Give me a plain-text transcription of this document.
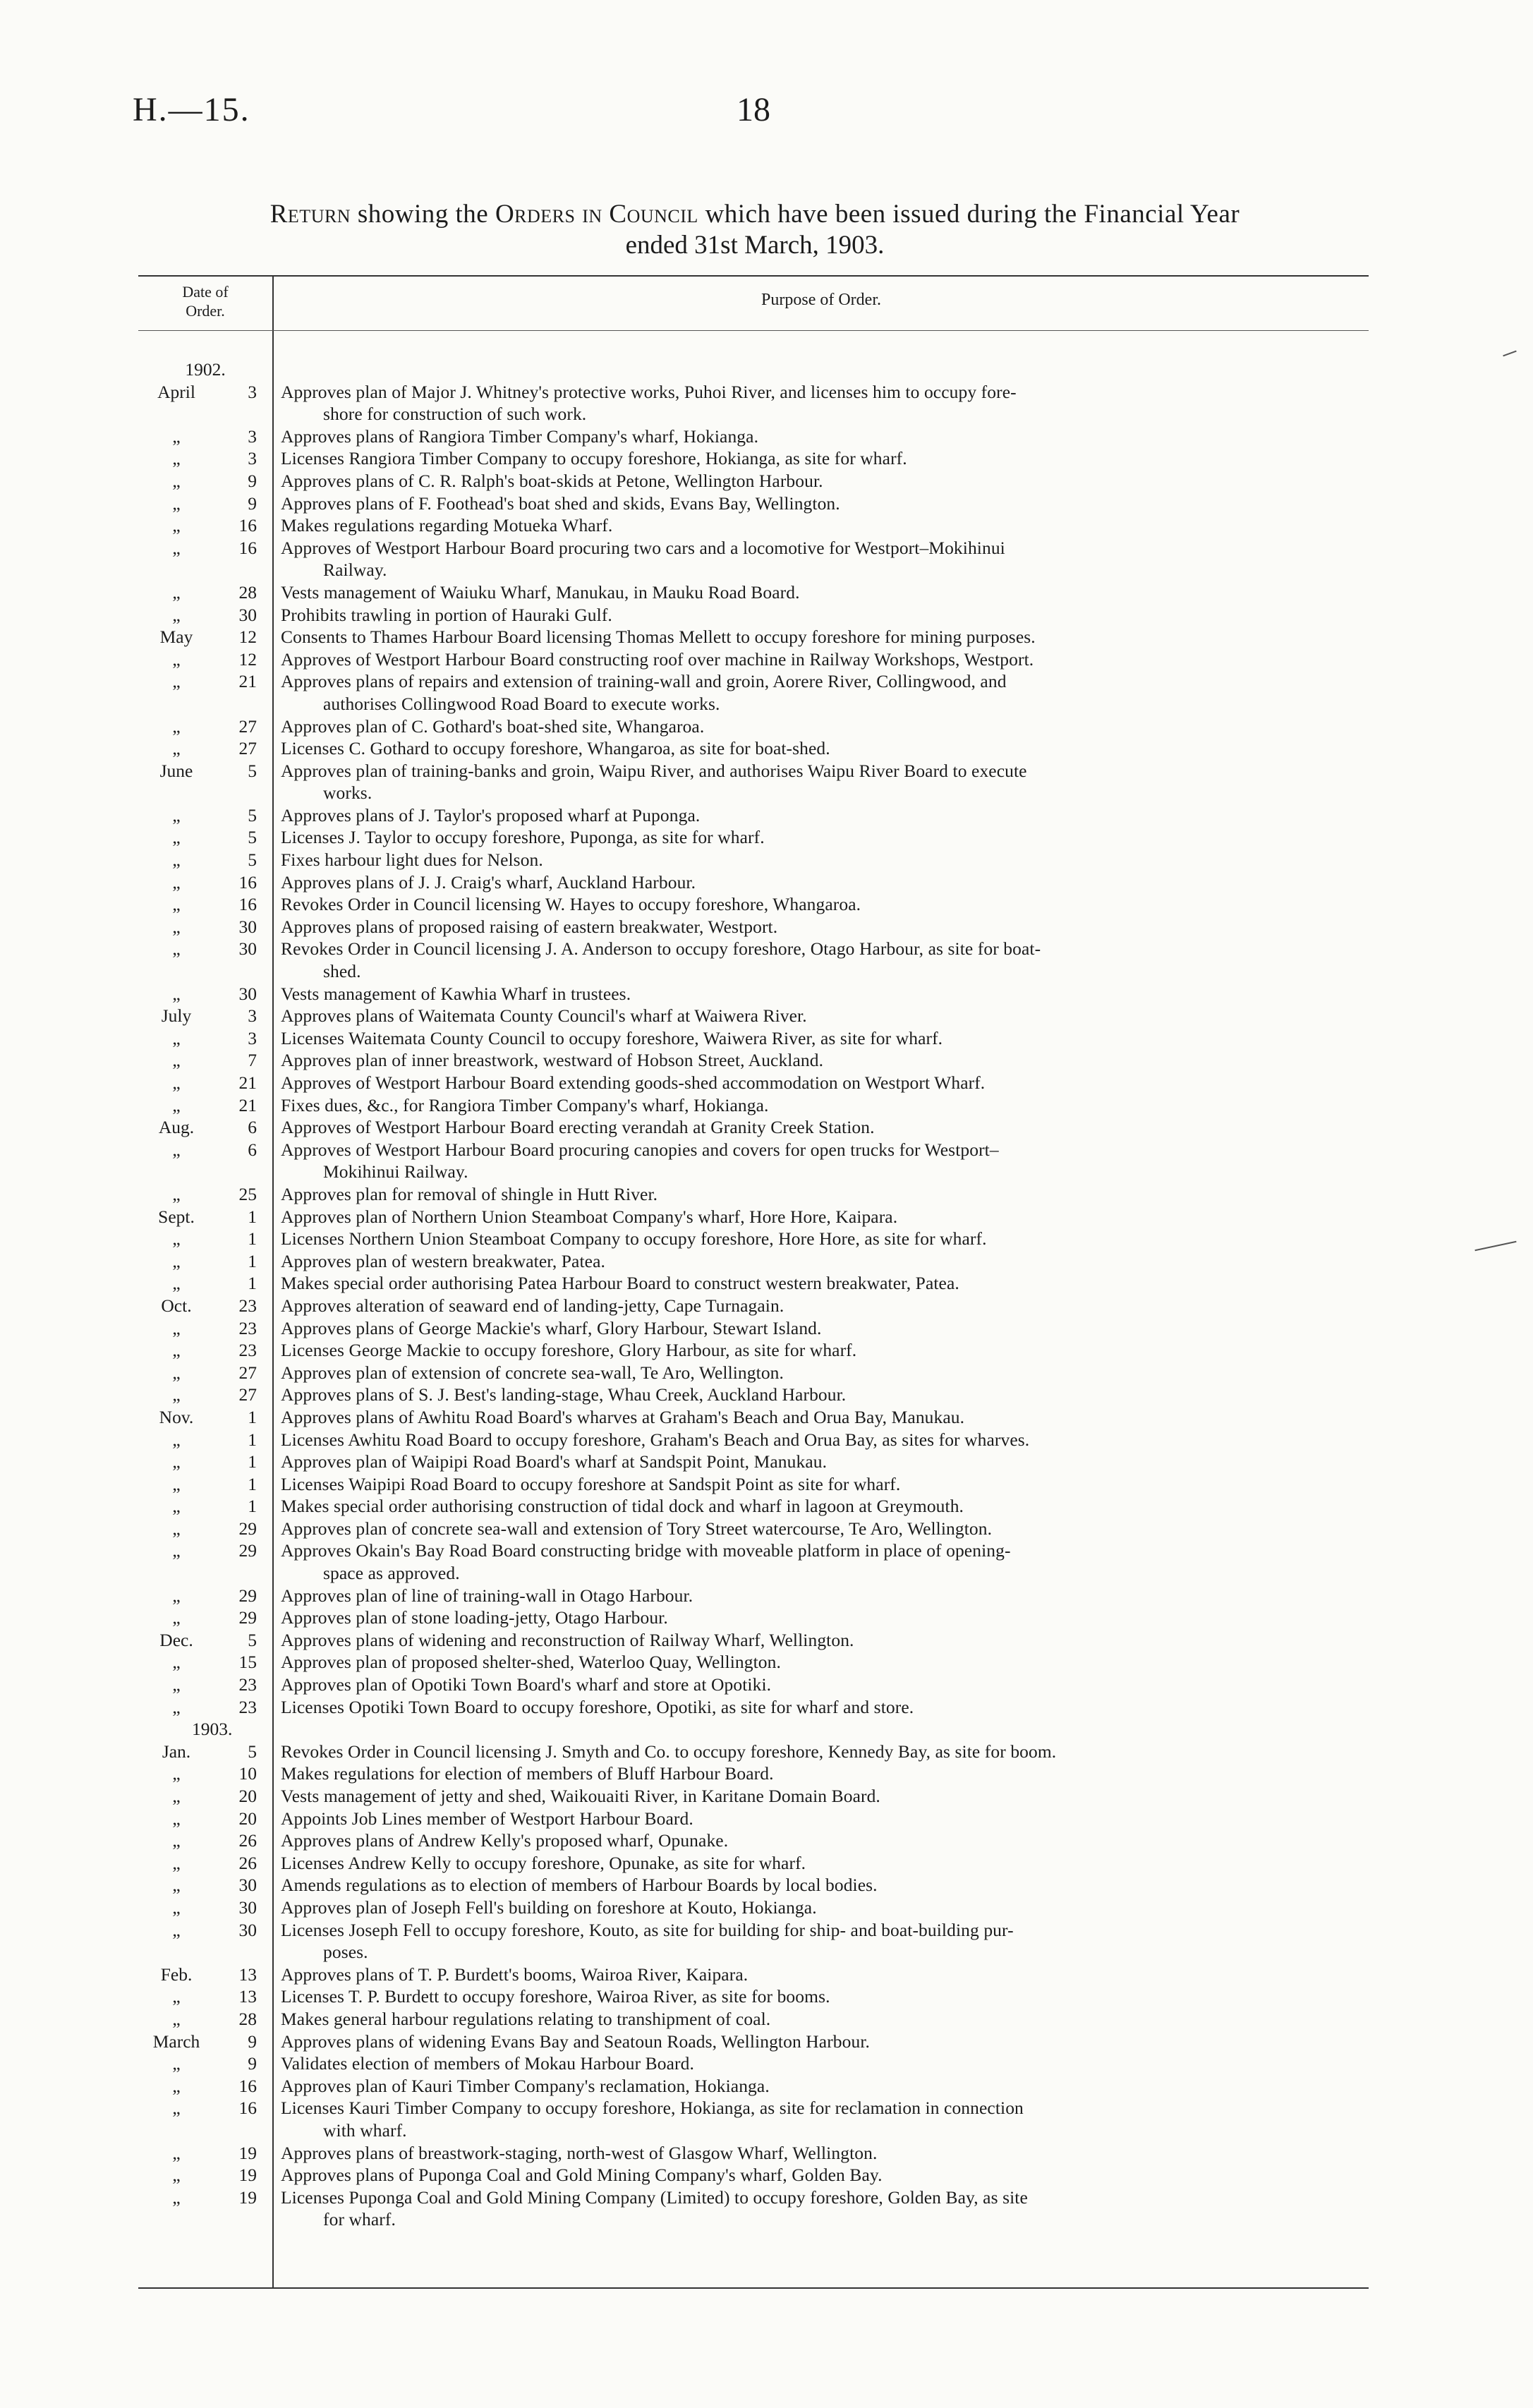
H.—15.	18
Return showing the Orders in Council which have been issued during the Financial Year
ended 31st March, 1903.
Date of
Order.
Purpose of Order.
1902.
April	3	Approves plan of Major J. Whitney's protective works, Puhoi River, and licenses him to occupy fore-
shore for construction of such work.
„	3	Approves plans of Rangiora Timber Company's wharf, Hokianga.
„	3	Licenses Rangiora Timber Company to occupy foreshore, Hokianga, as site for wharf.
„	9	Approves plans of C. R. Ralph's boat-skids at Petone, Wellington Harbour.
„	9	Approves plans of F. Foothead's boat shed and skids, Evans Bay, Wellington.
„	16	Makes regulations regarding Motueka Wharf.
„	16	Approves of Westport Harbour Board procuring two cars and a locomotive for Westport–Mokihinui
Railway.
„	28	Vests management of Waiuku Wharf, Manukau, in Mauku Road Board.
„	30	Prohibits trawling in portion of Hauraki Gulf.
May	12	Consents to Thames Harbour Board licensing Thomas Mellett to occupy foreshore for mining purposes.
„	12	Approves of Westport Harbour Board constructing roof over machine in Railway Workshops, Westport.
„	21	Approves plans of repairs and extension of training-wall and groin, Aorere River, Collingwood, and
authorises Collingwood Road Board to execute works.
„	27	Approves plan of C. Gothard's boat-shed site, Whangaroa.
„	27	Licenses C. Gothard to occupy foreshore, Whangaroa, as site for boat-shed.
June	5	Approves plan of training-banks and groin, Waipu River, and authorises Waipu River Board to execute
works.
„	5	Approves plans of J. Taylor's proposed wharf at Puponga.
„	5	Licenses J. Taylor to occupy foreshore, Puponga, as site for wharf.
„	5	Fixes harbour light dues for Nelson.
„	16	Approves plans of J. J. Craig's wharf, Auckland Harbour.
„	16	Revokes Order in Council licensing W. Hayes to occupy foreshore, Whangaroa.
„	30	Approves plans of proposed raising of eastern breakwater, Westport.
„	30	Revokes Order in Council licensing J. A. Anderson to occupy foreshore, Otago Harbour, as site for boat-
shed.
„	30	Vests management of Kawhia Wharf in trustees.
July	3	Approves plans of Waitemata County Council's wharf at Waiwera River.
„	3	Licenses Waitemata County Council to occupy foreshore, Waiwera River, as site for wharf.
„	7	Approves plan of inner breastwork, westward of Hobson Street, Auckland.
„	21	Approves of Westport Harbour Board extending goods-shed accommodation on Westport Wharf.
„	21	Fixes dues, &c., for Rangiora Timber Company's wharf, Hokianga.
Aug.	6	Approves of Westport Harbour Board erecting verandah at Granity Creek Station.
„	6	Approves of Westport Harbour Board procuring canopies and covers for open trucks for Westport–
Mokihinui Railway.
„	25	Approves plan for removal of shingle in Hutt River.
Sept.	1	Approves plan of Northern Union Steamboat Company's wharf, Hore Hore, Kaipara.
„	1	Licenses Northern Union Steamboat Company to occupy foreshore, Hore Hore, as site for wharf.
„	1	Approves plan of western breakwater, Patea.
„	1	Makes special order authorising Patea Harbour Board to construct western breakwater, Patea.
Oct.	23	Approves alteration of seaward end of landing-jetty, Cape Turnagain.
„	23	Approves plans of George Mackie's wharf, Glory Harbour, Stewart Island.
„	23	Licenses George Mackie to occupy foreshore, Glory Harbour, as site for wharf.
„	27	Approves plan of extension of concrete sea-wall, Te Aro, Wellington.
„	27	Approves plans of S. J. Best's landing-stage, Whau Creek, Auckland Harbour.
Nov.	1	Approves plans of Awhitu Road Board's wharves at Graham's Beach and Orua Bay, Manukau.
„	1	Licenses Awhitu Road Board to occupy foreshore, Graham's Beach and Orua Bay, as sites for wharves.
„	1	Approves plan of Waipipi Road Board's wharf at Sandspit Point, Manukau.
„	1	Licenses Waipipi Road Board to occupy foreshore at Sandspit Point as site for wharf.
„	1	Makes special order authorising construction of tidal dock and wharf in lagoon at Greymouth.
„	29	Approves plan of concrete sea-wall and extension of Tory Street watercourse, Te Aro, Wellington.
„	29	Approves Okain's Bay Road Board constructing bridge with moveable platform in place of opening-
space as approved.
„	29	Approves plan of line of training-wall in Otago Harbour.
„	29	Approves plan of stone loading-jetty, Otago Harbour.
Dec.	5	Approves plans of widening and reconstruction of Railway Wharf, Wellington.
„	15	Approves plan of proposed shelter-shed, Waterloo Quay, Wellington.
„	23	Approves plan of Opotiki Town Board's wharf and store at Opotiki.
„	23	Licenses Opotiki Town Board to occupy foreshore, Opotiki, as site for wharf and store.
1903.
Jan.	5	Revokes Order in Council licensing J. Smyth and Co. to occupy foreshore, Kennedy Bay, as site for boom.
„	10	Makes regulations for election of members of Bluff Harbour Board.
„	20	Vests management of jetty and shed, Waikouaiti River, in Karitane Domain Board.
„	20	Appoints Job Lines member of Westport Harbour Board.
„	26	Approves plans of Andrew Kelly's proposed wharf, Opunake.
„	26	Licenses Andrew Kelly to occupy foreshore, Opunake, as site for wharf.
„	30	Amends regulations as to election of members of Harbour Boards by local bodies.
„	30	Approves plan of Joseph Fell's building on foreshore at Kouto, Hokianga.
„	30	Licenses Joseph Fell to occupy foreshore, Kouto, as site for building for ship- and boat-building pur-
poses.
Feb.	13	Approves plans of T. P. Burdett's booms, Wairoa River, Kaipara.
„	13	Licenses T. P. Burdett to occupy foreshore, Wairoa River, as site for booms.
„	28	Makes general harbour regulations relating to transhipment of coal.
March	9	Approves plans of widening Evans Bay and Seatoun Roads, Wellington Harbour.
„	9	Validates election of members of Mokau Harbour Board.
„	16	Approves plan of Kauri Timber Company's reclamation, Hokianga.
„	16	Licenses Kauri Timber Company to occupy foreshore, Hokianga, as site for reclamation in connection
with wharf.
„	19	Approves plans of breastwork-staging, north-west of Glasgow Wharf, Wellington.
„	19	Approves plans of Puponga Coal and Gold Mining Company's wharf, Golden Bay.
„	19	Licenses Puponga Coal and Gold Mining Company (Limited) to occupy foreshore, Golden Bay, as site
for wharf.
